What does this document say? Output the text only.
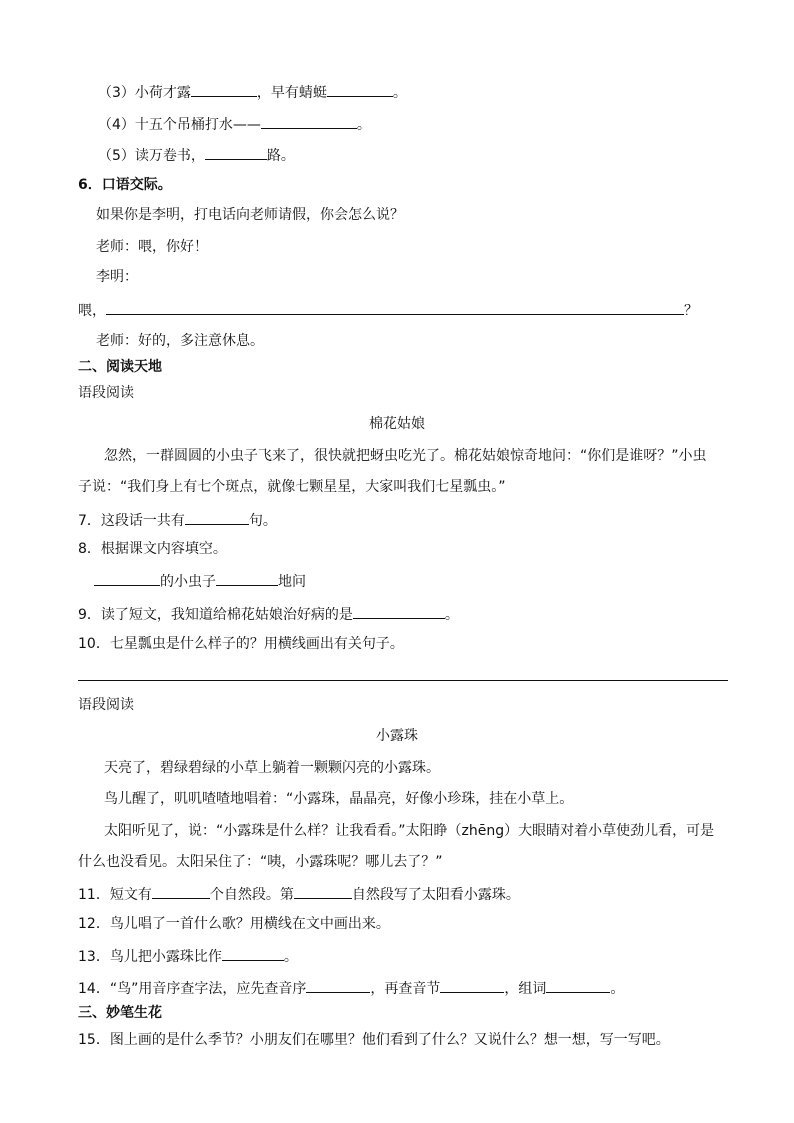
（3）小荷才露	，早有蜻蜓	。
（4）十五个吊桶打水——	。
（5）读万卷书，	路。
6．口语交际。
如果你是李明，打电话向老师请假，你会怎么说？
老师：喂，你好！
李明：
喂，	？
老师：好的，多注意休息。
二、阅读天地
语段阅读
棉花姑娘
忽然，一群圆圆的小虫子飞来了，很快就把蚜虫吃光了。棉花姑娘惊奇地问：“你们是谁呀？”小虫
子说：“我们身上有七个斑点，就像七颗星星，大家叫我们七星瓢虫。”
7．这段话一共有	句。
8．根据课文内容填空。
的小虫子	地问
9．读了短文，我知道给棉花姑娘治好病的是	。
10．七星瓢虫是什么样子的？用横线画出有关句子。
语段阅读
小露珠
天亮了，碧绿碧绿的小草上躺着一颗颗闪亮的小露珠。
鸟儿醒了，叽叽喳喳地唱着：“小露珠，晶晶亮，好像小珍珠，挂在小草上。
太阳听见了，说：“小露珠是什么样？让我看看。”太阳睁（zhēng）大眼睛对着小草使劲儿看，可是
什么也没看见。太阳呆住了：“咦，小露珠呢？哪儿去了？”
11．短文有	个自然段。第	自然段写了太阳看小露珠。
12．鸟儿唱了一首什么歌？用横线在文中画出来。
13．鸟儿把小露珠比作	。
14．“鸟”用音序查字法，应先查音序	，再查音节	，组词	。
三、妙笔生花
15．图上画的是什么季节？小朋友们在哪里？他们看到了什么？又说什么？想一想，写一写吧。
